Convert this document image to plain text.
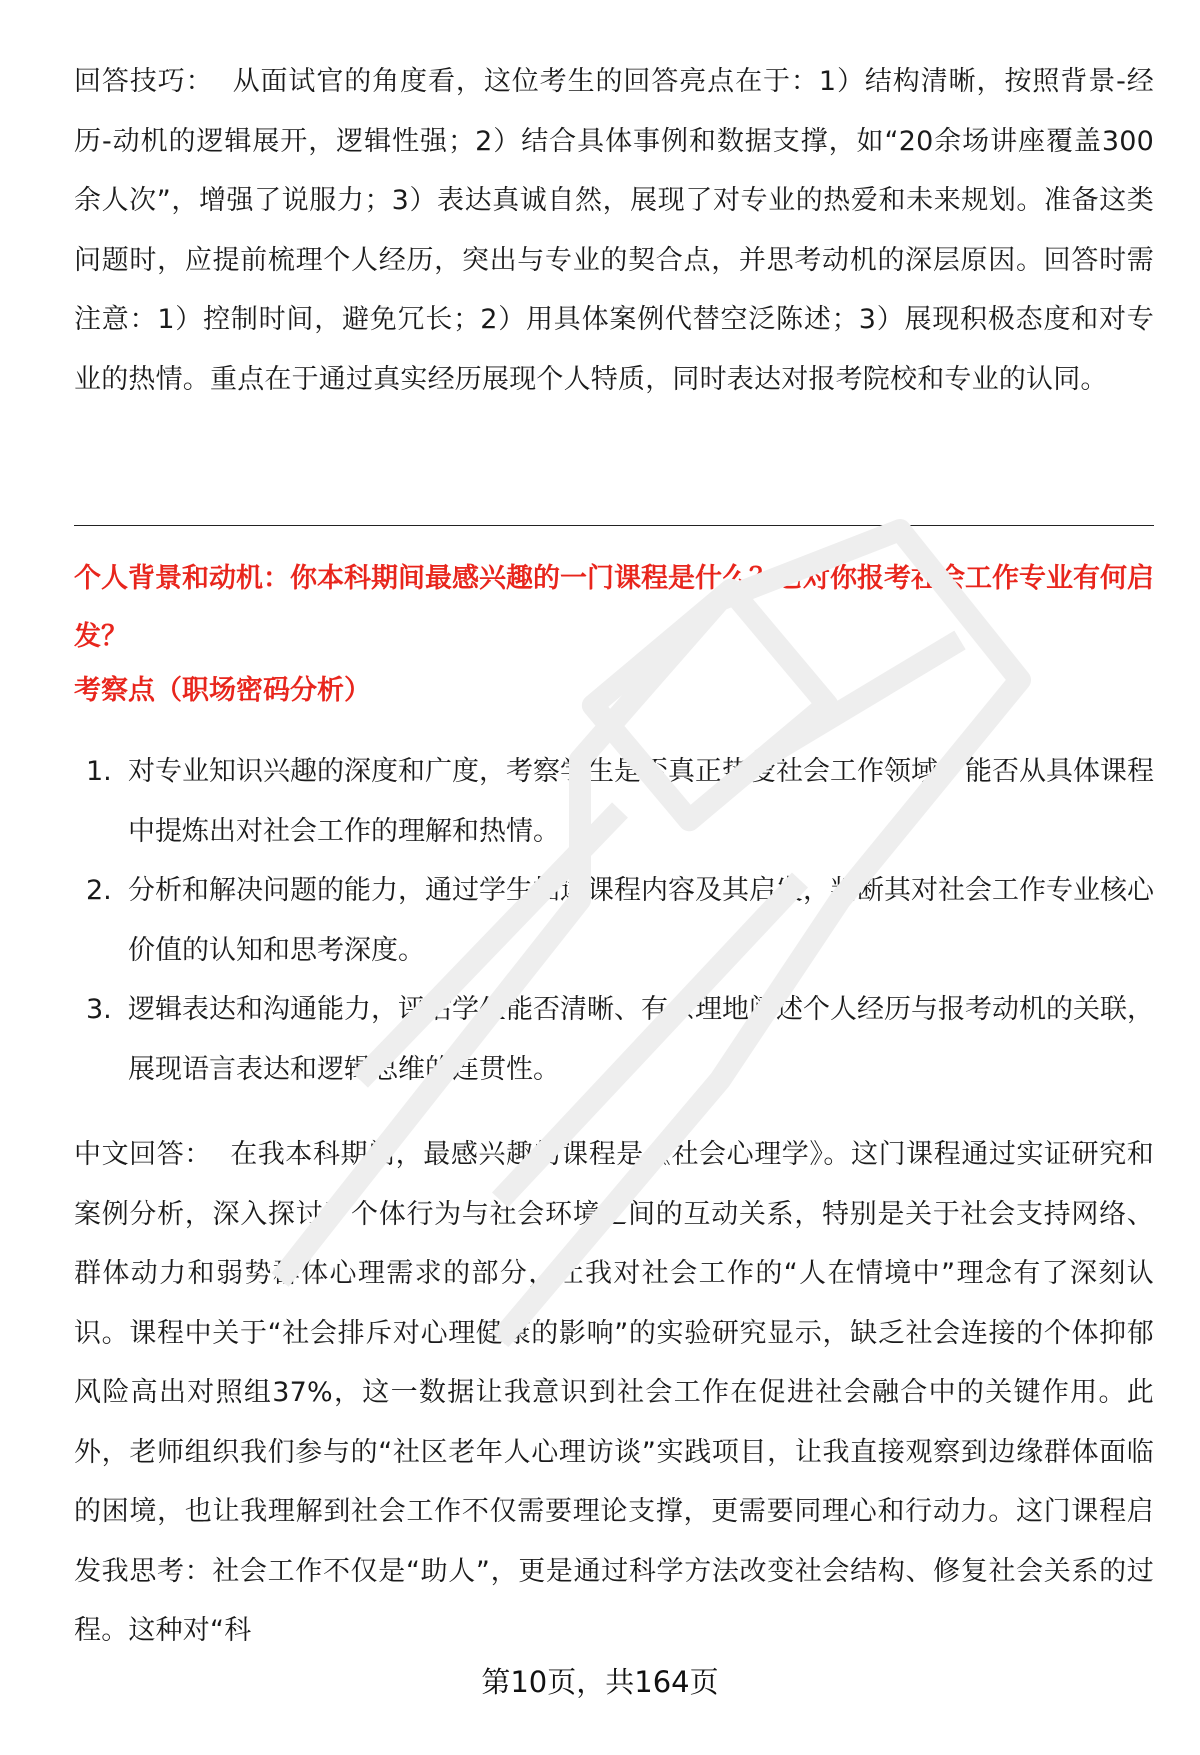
回答技巧： 从面试官的角度看，这位考生的回答亮点在于：1）结构清晰，按照背景-经历-动机的逻辑展开，逻辑性强；2）结合具体事例和数据支撑，如“20余场讲座覆盖300余人次”，增强了说服力；3）表达真诚自然，展现了对专业的热爱和未来规划。准备这类问题时，应提前梳理个人经历，突出与专业的契合点，并思考动机的深层原因。回答时需注意：1）控制时间，避免冗长；2）用具体案例代替空泛陈述；3）展现积极态度和对专业的热情。重点在于通过真实经历展现个人特质，同时表达对报考院校和专业的认同。

个人背景和动机：你本科期间最感兴趣的一门课程是什么？它对你报考社会工作专业有何启发？
考察点（职场密码分析）
1. 对专业知识兴趣的深度和广度，考察学生是否真正热爱社会工作领域，能否从具体课程中提炼出对社会工作的理解和热情。
2. 分析和解决问题的能力，通过学生描述课程内容及其启发，判断其对社会工作专业核心价值的认知和思考深度。
3. 逻辑表达和沟通能力，评估学生能否清晰、有条理地阐述个人经历与报考动机的关联，展现语言表达和逻辑思维的连贯性。

中文回答： 在我本科期间，最感兴趣的课程是《社会心理学》。这门课程通过实证研究和案例分析，深入探讨了个体行为与社会环境之间的互动关系，特别是关于社会支持网络、群体动力和弱势群体心理需求的部分，让我对社会工作的“人在情境中”理念有了深刻认识。课程中关于“社会排斥对心理健康的影响”的实验研究显示，缺乏社会连接的个体抑郁风险高出对照组37%，这一数据让我意识到社会工作在促进社会融合中的关键作用。此外，老师组织我们参与的“社区老年人心理访谈”实践项目，让我直接观察到边缘群体面临的困境，也让我理解到社会工作不仅需要理论支撑，更需要同理心和行动力。这门课程启发我思考：社会工作不仅是“助人”，更是通过科学方法改变社会结构、修复社会关系的过程。这种对“科

第10页，共164页
